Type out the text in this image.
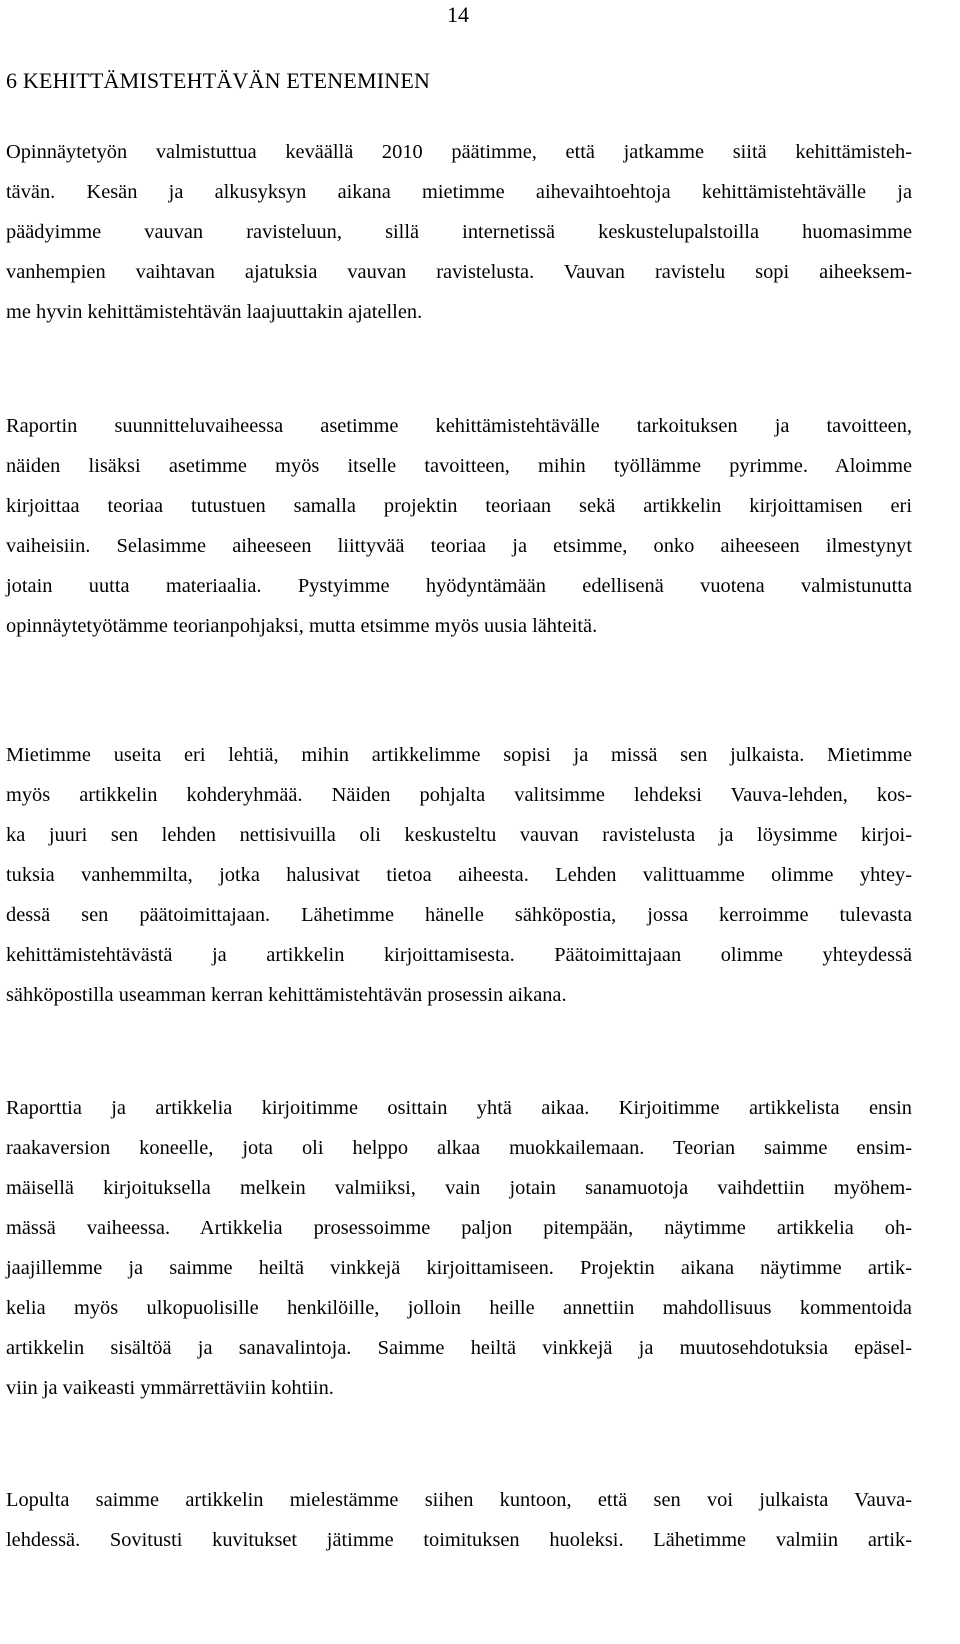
14
6 KEHITTÄMISTEHTÄVÄN ETENEMINEN
Opinnäytetyön valmistuttua keväällä 2010 päätimme, että jatkamme siitä kehittämisteh-
tävän. Kesän ja alkusyksyn aikana mietimme aihevaihtoehtoja kehittämistehtävälle ja
päädyimme vauvan ravisteluun, sillä internetissä keskustelupalstoilla huomasimme
vanhempien vaihtavan ajatuksia vauvan ravistelusta. Vauvan ravistelu sopi aiheeksem-
me hyvin kehittämistehtävän laajuuttakin ajatellen.
Raportin suunnitteluvaiheessa asetimme kehittämistehtävälle tarkoituksen ja tavoitteen,
näiden lisäksi asetimme myös itselle tavoitteen, mihin työllämme pyrimme. Aloimme
kirjoittaa teoriaa tutustuen samalla projektin teoriaan sekä artikkelin kirjoittamisen eri
vaiheisiin. Selasimme aiheeseen liittyvää teoriaa ja etsimme, onko aiheeseen ilmestynyt
jotain uutta materiaalia. Pystyimme hyödyntämään edellisenä vuotena valmistunutta
opinnäytetyötämme teorianpohjaksi, mutta etsimme myös uusia lähteitä.
Mietimme useita eri lehtiä, mihin artikkelimme sopisi ja missä sen julkaista. Mietimme
myös artikkelin kohderyhmää. Näiden pohjalta valitsimme lehdeksi Vauva-lehden, kos-
ka juuri sen lehden nettisivuilla oli keskusteltu vauvan ravistelusta ja löysimme kirjoi-
tuksia vanhemmilta, jotka halusivat tietoa aiheesta. Lehden valittuamme olimme yhtey-
dessä sen päätoimittajaan. Lähetimme hänelle sähköpostia, jossa kerroimme tulevasta
kehittämistehtävästä ja artikkelin kirjoittamisesta. Päätoimittajaan olimme yhteydessä
sähköpostilla useamman kerran kehittämistehtävän prosessin aikana.
Raporttia ja artikkelia kirjoitimme osittain yhtä aikaa. Kirjoitimme artikkelista ensin
raakaversion koneelle, jota oli helppo alkaa muokkailemaan. Teorian saimme ensim-
mäisellä kirjoituksella melkein valmiiksi, vain jotain sanamuotoja vaihdettiin myöhem-
mässä vaiheessa. Artikkelia prosessoimme paljon pitempään, näytimme artikkelia oh-
jaajillemme ja saimme heiltä vinkkejä kirjoittamiseen. Projektin aikana näytimme artik-
kelia myös ulkopuolisille henkilöille, jolloin heille annettiin mahdollisuus kommentoida
artikkelin sisältöä ja sanavalintoja. Saimme heiltä vinkkejä ja muutosehdotuksia epäsel-
viin ja vaikeasti ymmärrettäviin kohtiin.
Lopulta saimme artikkelin mielestämme siihen kuntoon, että sen voi julkaista Vauva-
lehdessä. Sovitusti kuvitukset jätimme toimituksen huoleksi. Lähetimme valmiin artik-
